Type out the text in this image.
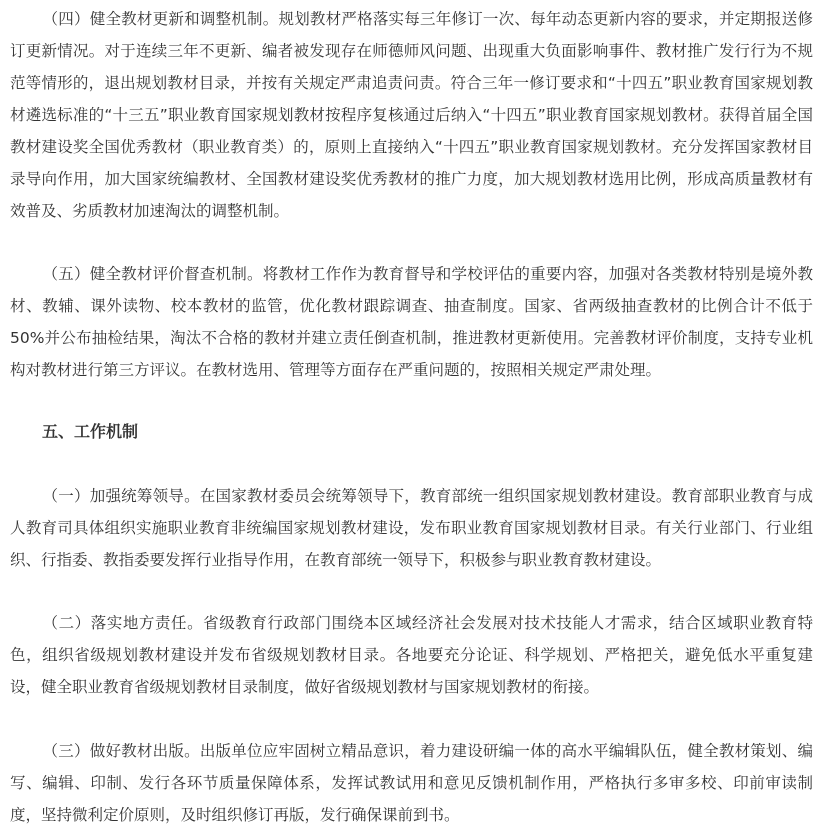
（四）健全教材更新和调整机制。规划教材严格落实每三年修订一次、每年动态更新内容的要求，并定期报送修订更新情况。对于连续三年不更新、编者被发现存在师德师风问题、出现重大负面影响事件、教材推广发行行为不规范等情形的，退出规划教材目录，并按有关规定严肃追责问责。符合三年一修订要求和“十四五”职业教育国家规划教材遴选标准的“十三五”职业教育国家规划教材按程序复核通过后纳入“十四五”职业教育国家规划教材。获得首届全国教材建设奖全国优秀教材（职业教育类）的，原则上直接纳入“十四五”职业教育国家规划教材。充分发挥国家教材目录导向作用，加大国家统编教材、全国教材建设奖优秀教材的推广力度，加大规划教材选用比例，形成高质量教材有效普及、劣质教材加速淘汰的调整机制。

（五）健全教材评价督查机制。将教材工作作为教育督导和学校评估的重要内容，加强对各类教材特别是境外教材、教辅、课外读物、校本教材的监管，优化教材跟踪调查、抽查制度。国家、省两级抽查教材的比例合计不低于50%并公布抽检结果，淘汰不合格的教材并建立责任倒查机制，推进教材更新使用。完善教材评价制度，支持专业机构对教材进行第三方评议。在教材选用、管理等方面存在严重问题的，按照相关规定严肃处理。

五、工作机制

（一）加强统筹领导。在国家教材委员会统筹领导下，教育部统一组织国家规划教材建设。教育部职业教育与成人教育司具体组织实施职业教育非统编国家规划教材建设，发布职业教育国家规划教材目录。有关行业部门、行业组织、行指委、教指委要发挥行业指导作用，在教育部统一领导下，积极参与职业教育教材建设。

（二）落实地方责任。省级教育行政部门围绕本区域经济社会发展对技术技能人才需求，结合区域职业教育特色，组织省级规划教材建设并发布省级规划教材目录。各地要充分论证、科学规划、严格把关，避免低水平重复建设，健全职业教育省级规划教材目录制度，做好省级规划教材与国家规划教材的衔接。

（三）做好教材出版。出版单位应牢固树立精品意识，着力建设研编一体的高水平编辑队伍，健全教材策划、编写、编辑、印制、发行各环节质量保障体系，发挥试教试用和意见反馈机制作用，严格执行多审多校、印前审读制度，坚持微利定价原则，及时组织修订再版，发行确保课前到书。
